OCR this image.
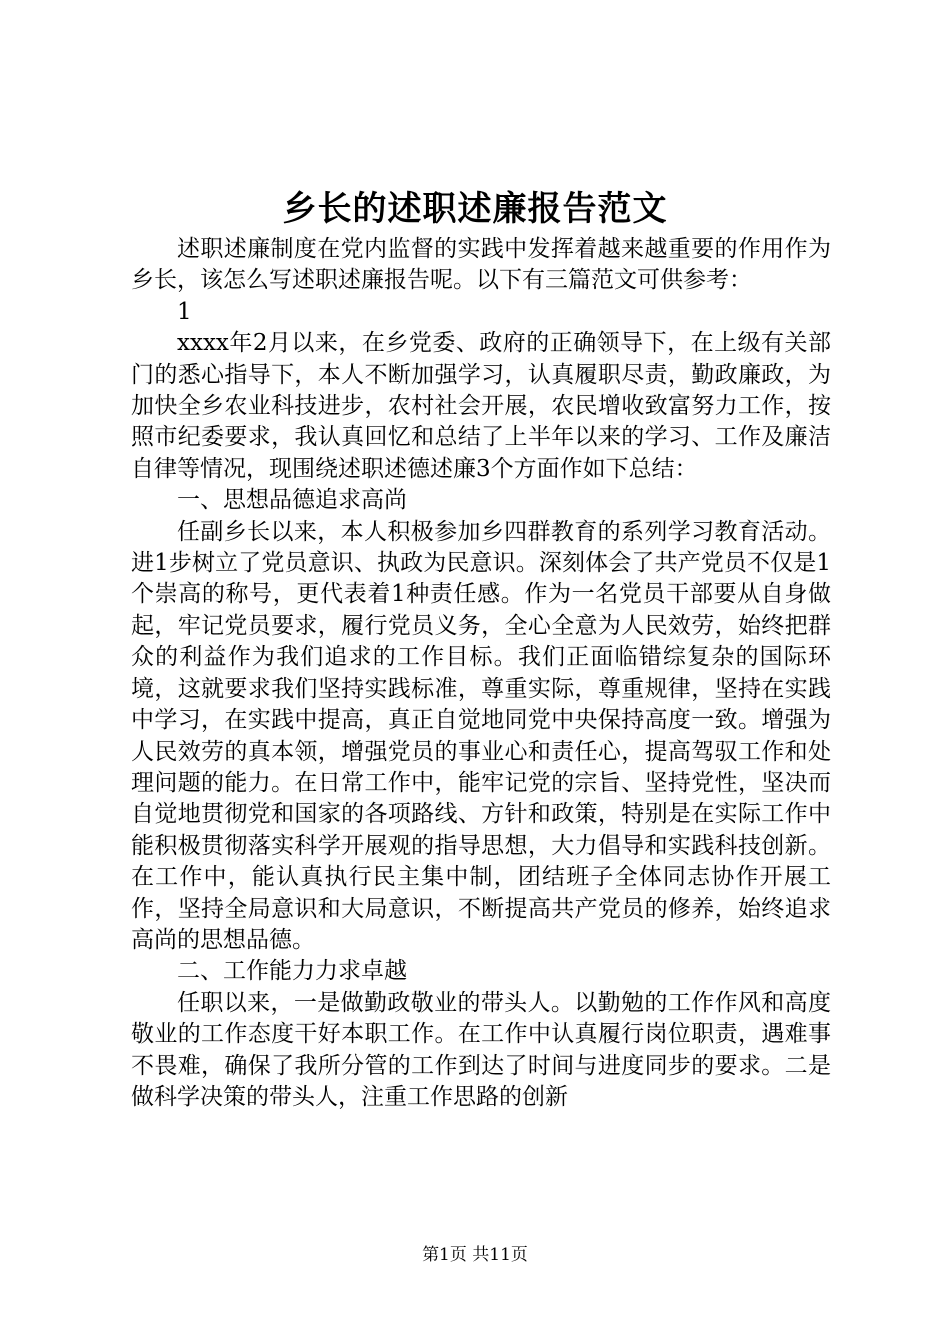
乡长的述职述廉报告范文

述职述廉制度在党内监督的实践中发挥着越来越重要的作用作为乡长，该怎么写述职述廉报告呢。以下有三篇范文可供参考：

1

xxxx年2月以来，在乡党委、政府的正确领导下，在上级有关部门的悉心指导下，本人不断加强学习，认真履职尽责，勤政廉政，为加快全乡农业科技进步，农村社会开展，农民增收致富努力工作，按照市纪委要求，我认真回忆和总结了上半年以来的学习、工作及廉洁自律等情况，现围绕述职述德述廉3个方面作如下总结：

一、思想品德追求高尚

任副乡长以来，本人积极参加乡四群教育的系列学习教育活动。进1步树立了党员意识、执政为民意识。深刻体会了共产党员不仅是1个崇高的称号，更代表着1种责任感。作为一名党员干部要从自身做起，牢记党员要求，履行党员义务，全心全意为人民效劳，始终把群众的利益作为我们追求的工作目标。我们正面临错综复杂的国际环境，这就要求我们坚持实践标准，尊重实际，尊重规律，坚持在实践中学习，在实践中提高，真正自觉地同党中央保持高度一致。增强为人民效劳的真本领，增强党员的事业心和责任心，提高驾驭工作和处理问题的能力。在日常工作中，能牢记党的宗旨、坚持党性，坚决而自觉地贯彻党和国家的各项路线、方针和政策，特别是在实际工作中能积极贯彻落实科学开展观的指导思想，大力倡导和实践科技创新。在工作中，能认真执行民主集中制，团结班子全体同志协作开展工作，坚持全局意识和大局意识，不断提高共产党员的修养，始终追求高尚的思想品德。

二、工作能力力求卓越

任职以来，一是做勤政敬业的带头人。以勤勉的工作作风和高度敬业的工作态度干好本职工作。在工作中认真履行岗位职责，遇难事不畏难，确保了我所分管的工作到达了时间与进度同步的要求。二是做科学决策的带头人，注重工作思路的创新

第1页 共11页
